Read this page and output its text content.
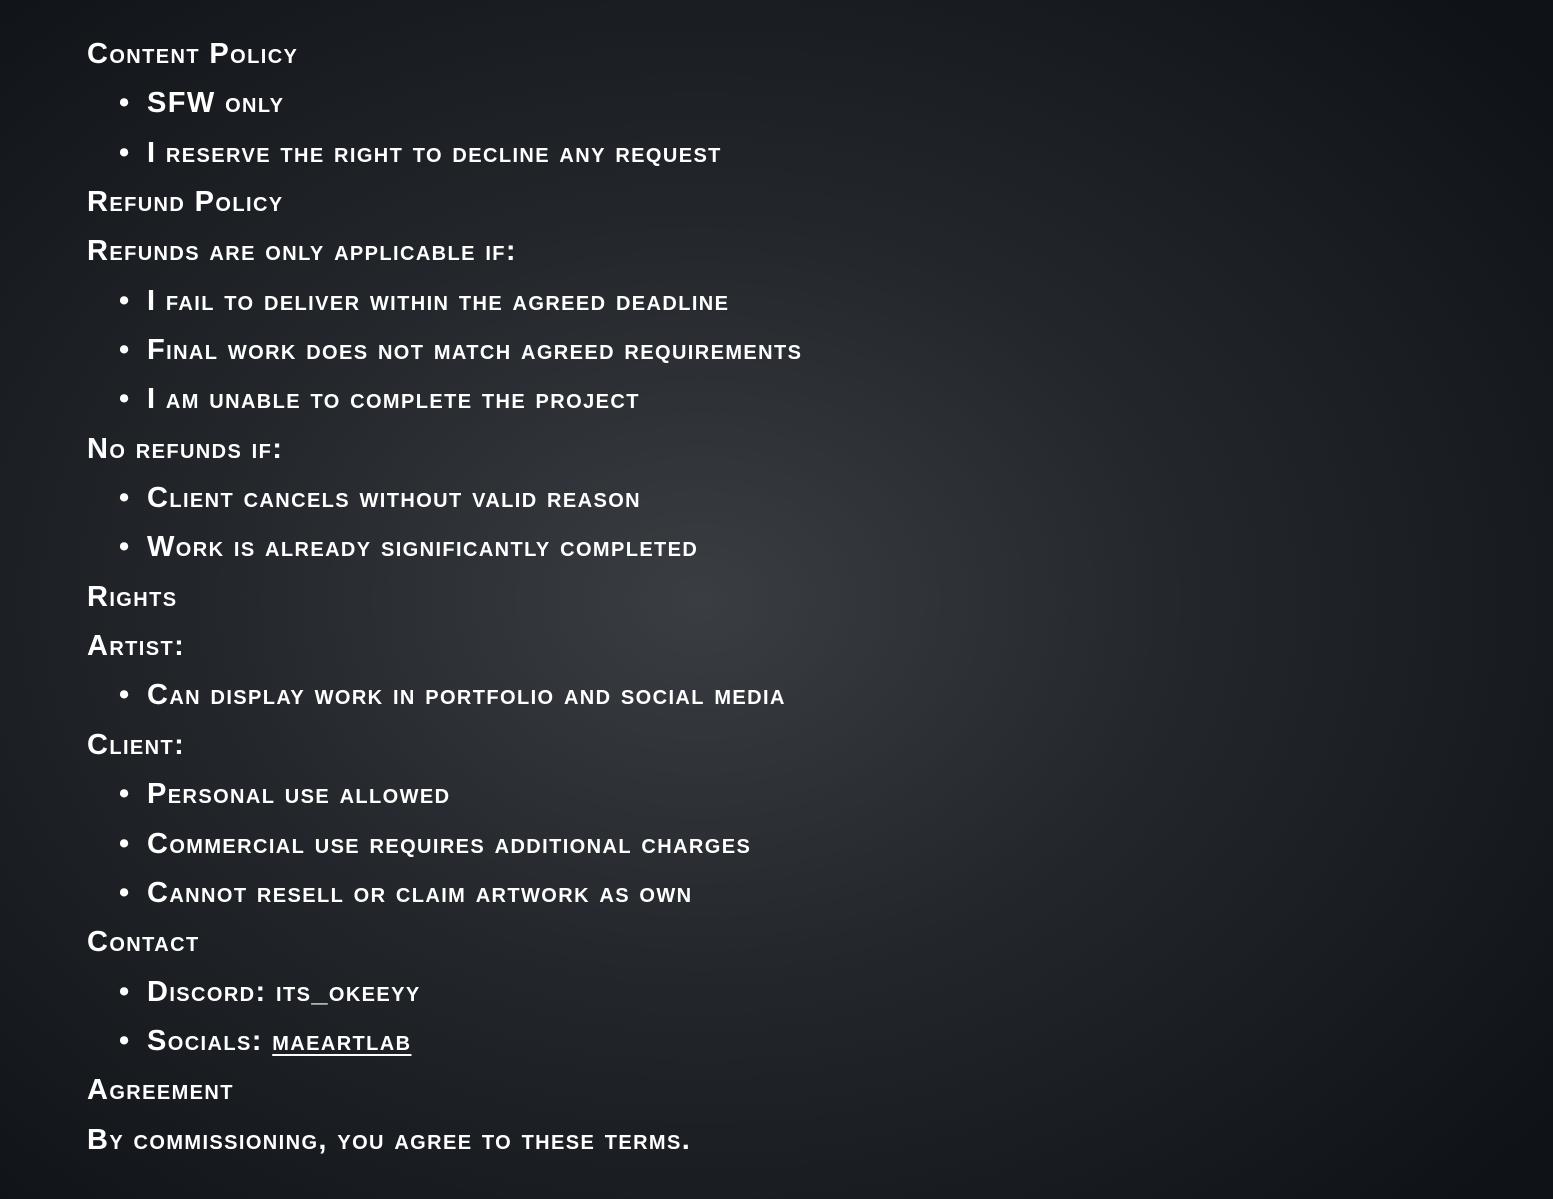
Content Policy
• SFW only
• I reserve the right to decline any request
Refund Policy
Refunds are only applicable if:
• I fail to deliver within the agreed deadline
• Final work does not match agreed requirements
• I am unable to complete the project
No refunds if:
• Client cancels without valid reason
• Work is already significantly completed
Rights
Artist:
• Can display work in portfolio and social media
Client:
• Personal use allowed
• Commercial use requires additional charges
• Cannot resell or claim artwork as own
Contact
• Discord: its_okeeyy
• Socials: maeartlab
Agreement
By commissioning, you agree to these terms.
